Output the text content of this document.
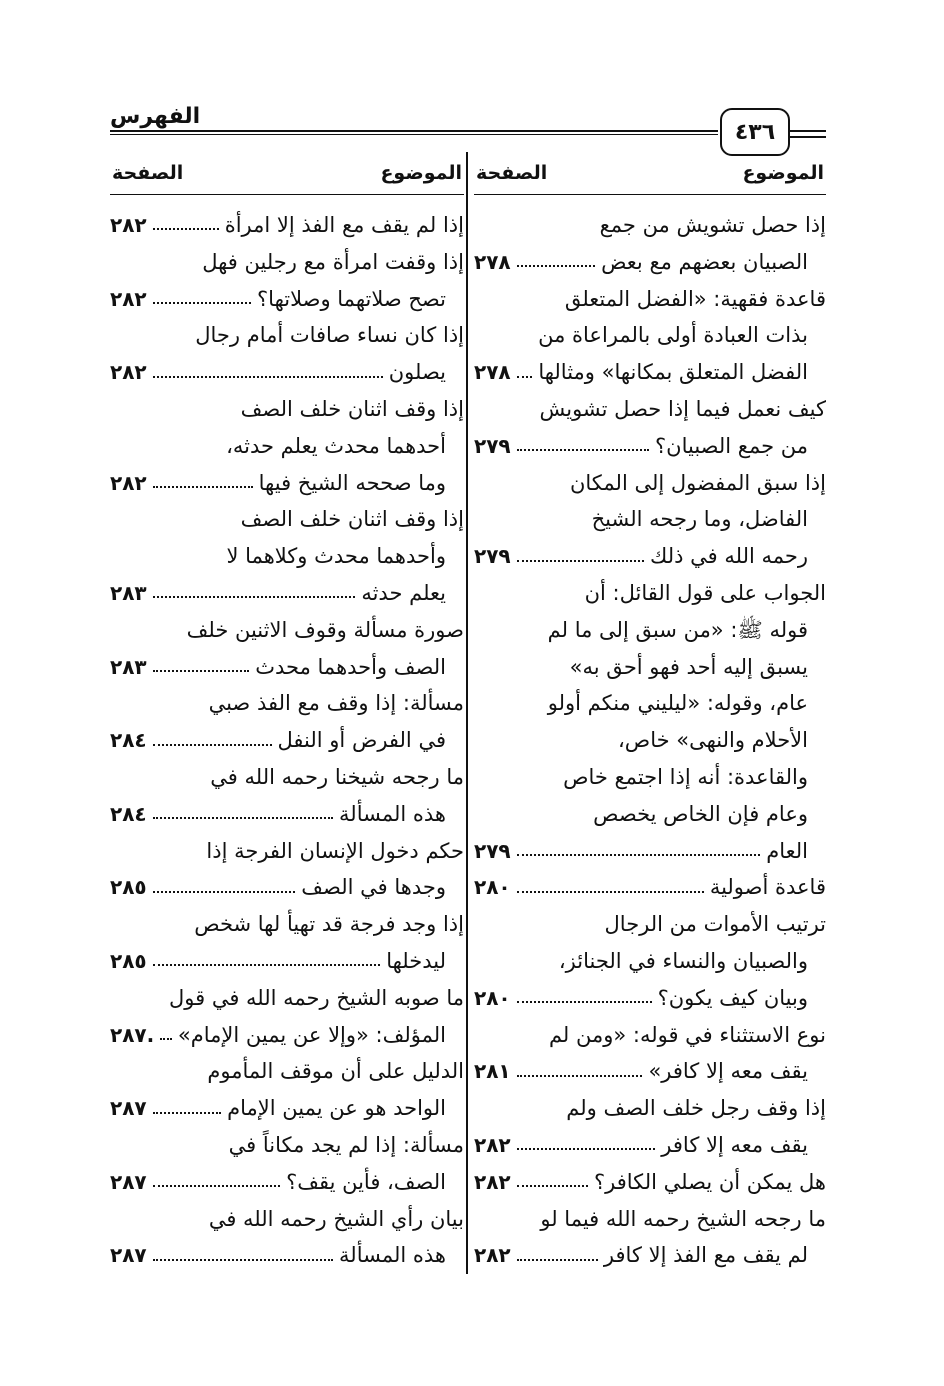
الفهرس
٤٣٦
الموضوع
الصفحة
إذا حصل تشويش من جمع
الصبيان بعضهم مع بعض
٢٧٨
قاعدة فقهية: «الفضل المتعلق
بذات العبادة أولى بالمراعاة من
الفضل المتعلق بمكانها» ومثالها
٢٧٨
كيف نعمل فيما إذا حصل تشويش
من جمع الصبيان؟
٢٧٩
إذا سبق المفضول إلى المكان
الفاضل، وما رجحه الشيخ
رحمه الله في ذلك
٢٧٩
الجواب على قول القائل: أن
قوله ﷺ: «من سبق إلى ما لم
يسبق إليه أحد فهو أحق به»
عام، وقوله: «ليليني منكم أولو
الأحلام والنهى» خاص،
والقاعدة: أنه إذا اجتمع خاص
وعام فإن الخاص يخصص
العام
٢٧٩
قاعدة أصولية
٢٨٠
ترتيب الأموات من الرجال
والصبيان والنساء في الجنائز،
وبيان كيف يكون؟
٢٨٠
نوع الاستثناء في قوله: «ومن لم
يقف معه إلا كافر»
٢٨١
إذا وقف رجل خلف الصف ولم
يقف معه إلا كافر
٢٨٢
هل يمكن أن يصلي الكافر؟
٢٨٢
ما رجحه الشيخ رحمه الله فيما لو
لم يقف مع الفذ إلا كافر
٢٨٢
الموضوع
الصفحة
إذا لم يقف مع الفذ إلا امرأة
٢٨٢
إذا وقفت امرأة مع رجلين فهل
تصح صلاتهما وصلاتها؟
٢٨٢
إذا كان نساء صافات أمام رجال
يصلون
٢٨٢
إذا وقف اثنان خلف الصف
أحدهما محدث يعلم حدثه،
وما صححه الشيخ فيها
٢٨٢
إذا وقف اثنان خلف الصف
وأحدهما محدث وكلاهما لا
يعلم حدثه
٢٨٣
صورة مسألة وقوف الاثنين خلف
الصف وأحدهما محدث
٢٨٣
مسألة: إذا وقف مع الفذ صبي
في الفرض أو النفل
٢٨٤
ما رجحه شيخنا رحمه الله في
هذه المسألة
٢٨٤
حكم دخول الإنسان الفرجة إذا
وجدها في الصف
٢٨٥
إذا وجد فرجة قد تهيأ لها شخص
ليدخلها
٢٨٥
ما صوبه الشيخ رحمه الله في قول
المؤلف: «وإلا عن يمين الإمام»
.٢٨٧
الدليل على أن موقف المأموم
الواحد هو عن يمين الإمام
٢٨٧
مسألة: إذا لم يجد مكاناً في
الصف، فأين يقف؟
٢٨٧
بيان رأي الشيخ رحمه الله في
هذه المسألة
٢٨٧
